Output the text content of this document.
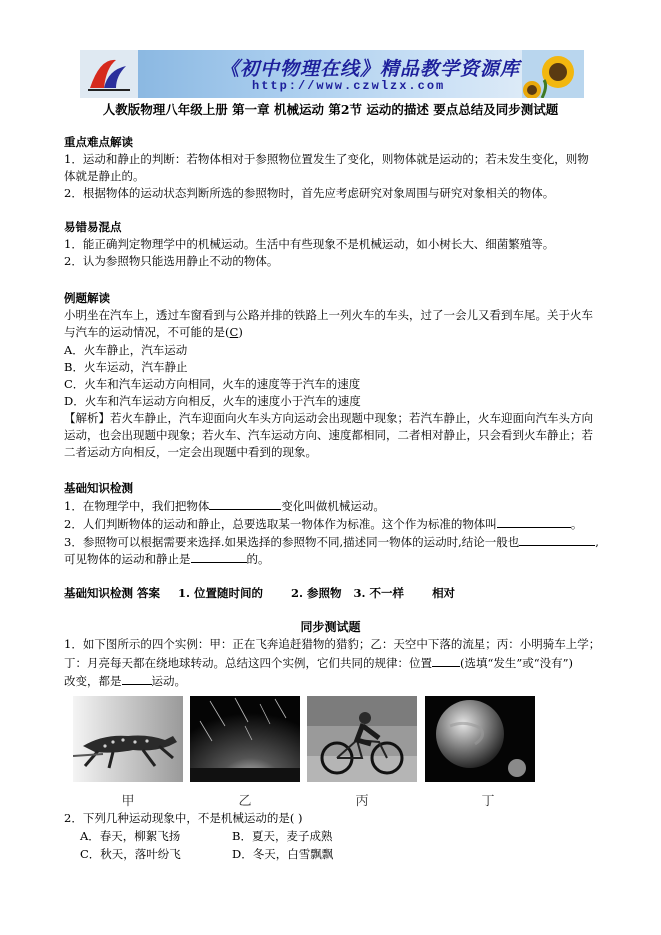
《初中物理在线》精品教学资源库
http://www.czwlzx.com
人教版物理八年级上册 第一章 机械运动 第2节 运动的描述 要点总结及同步测试题
重点难点解读
1．运动和静止的判断：若物体相对于参照物位置发生了变化，则物体就是运动的；若未发生变化，则物
体就是静止的。
2．根据物体的运动状态判断所选的参照物时，首先应考虑研究对象周围与研究对象相关的物体。
易错易混点
1．能正确判定物理学中的机械运动。生活中有些现象不是机械运动，如小树长大、细菌繁殖等。
2．认为参照物只能选用静止不动的物体。
例题解读
小明坐在汽车上，透过车窗看到与公路并排的铁路上一列火车的车头，过了一会儿又看到车尾。关于火车
与汽车的运动情况，不可能的是(C)
A．火车静止，汽车运动
B．火车运动，汽车静止
C．火车和汽车运动方向相同，火车的速度等于汽车的速度
D．火车和汽车运动方向相反，火车的速度小于汽车的速度
【解析】若火车静止，汽车迎面向火车头方向运动会出现题中现象；若汽车静止，火车迎面向汽车头方向
运动，也会出现题中现象；若火车、汽车运动方向、速度都相同，二者相对静止，只会看到火车静止；若
二者运动方向相反，一定会出现题中看到的现象。
基础知识检测
1．在物理学中，我们把物体	变化叫做机械运动。
2．人们判断物体的运动和静止，总要选取某一物体作为标准。这个作为标准的物体叫	。
3．参照物可以根据需要来选择.如果选择的参照物不同,描述同一物体的运动时,结论一般也	,
可见物体的运动和静止是	的。
基础知识检测 答案 1. 位置随时间的 2. 参照物 3. 不一样 相对
同步测试题
1．如下图所示的四个实例：甲：正在飞奔追赶猎物的猎豹；乙：天空中下落的流星；丙：小明骑车上学；
丁：月亮每天都在绕地球转动。总结这四个实例，它们共同的规律：位置 (选填“发生”或“没有”)
改变，都是	运动。
甲	乙	丙	丁
2．下列几种运动现象中，不是机械运动的是( )
A．春天，柳絮飞扬	B．夏天，麦子成熟
C．秋天，落叶纷飞	D．冬天，白雪飘飘
